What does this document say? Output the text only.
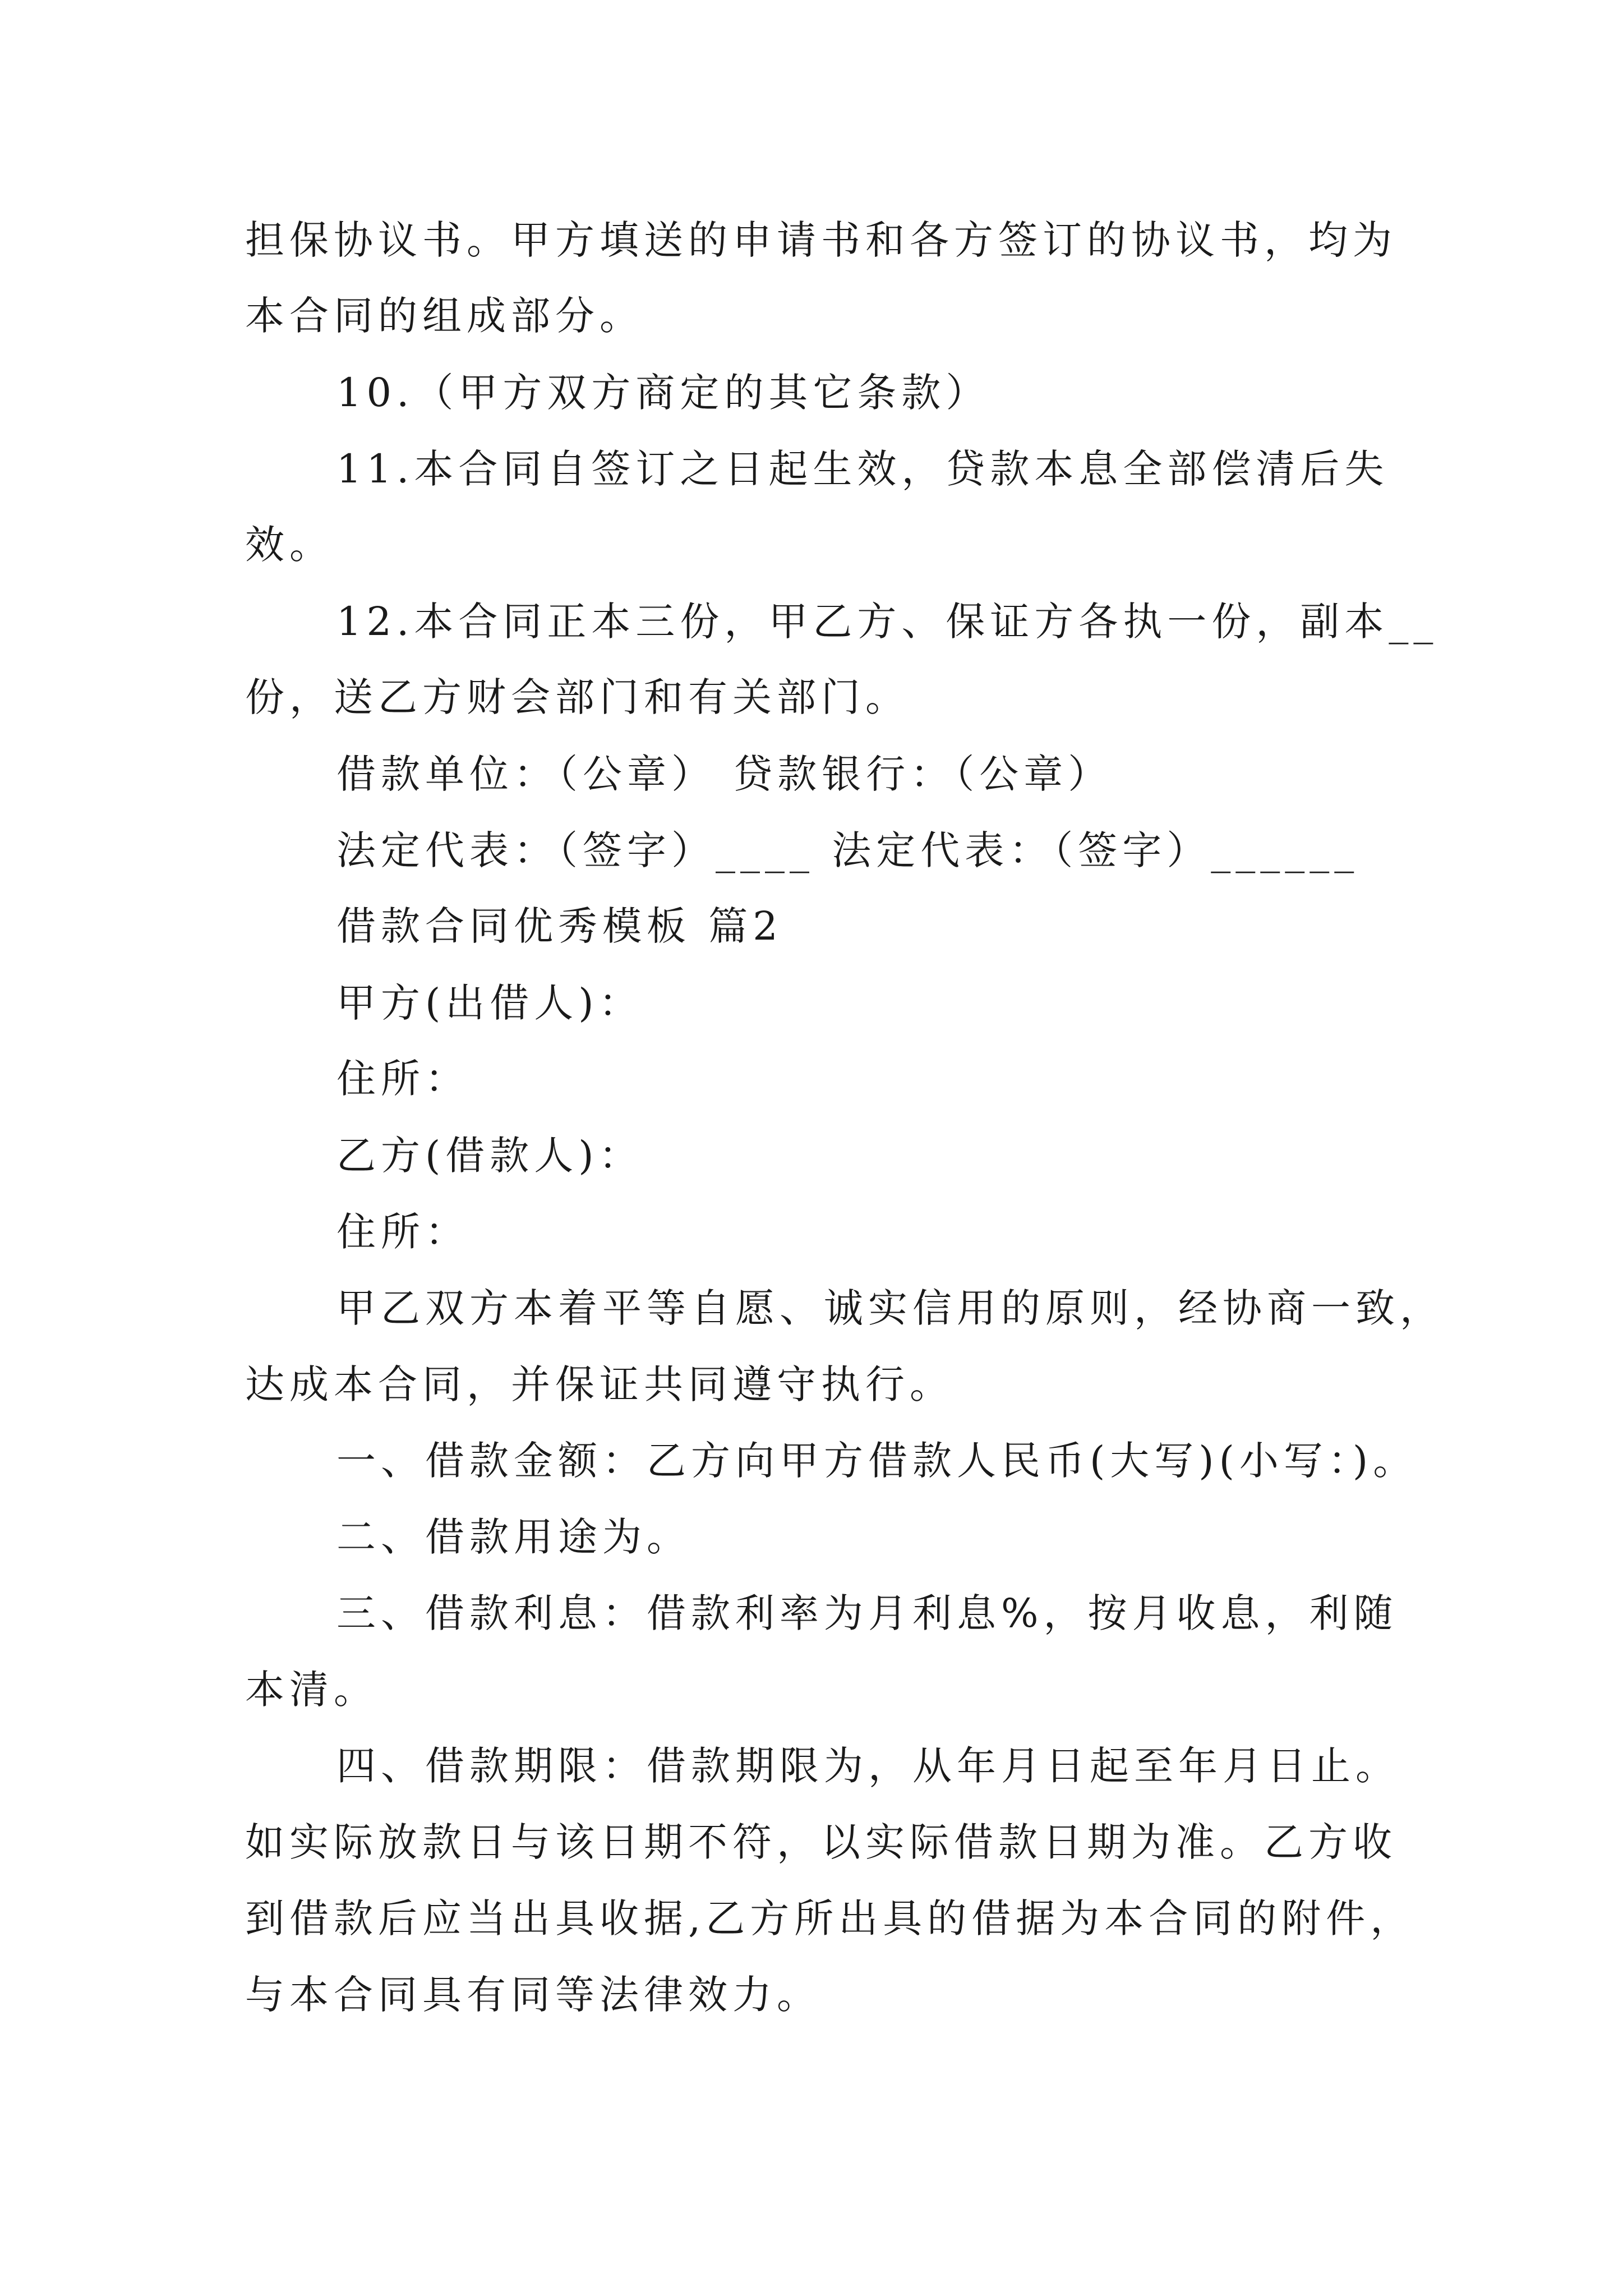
担保协议书。甲方填送的申请书和各方签订的协议书，均为
本合同的组成部分。
10.（甲方双方商定的其它条款）
11.本合同自签订之日起生效，贷款本息全部偿清后失
效。
12.本合同正本三份，甲乙方、保证方各执一份，副本__
份，送乙方财会部门和有关部门。
借款单位：（公章） 贷款银行：（公章）
法定代表：（签字）____ 法定代表：（签字）______
借款合同优秀模板 篇2
甲方(出借人)：
住所：
乙方(借款人)：
住所：
甲乙双方本着平等自愿、诚实信用的原则，经协商一致，
达成本合同，并保证共同遵守执行。
一、借款金额：乙方向甲方借款人民币(大写)(小写：)。
二、借款用途为。
三、借款利息：借款利率为月利息%，按月收息，利随
本清。
四、借款期限：借款期限为，从年月日起至年月日止。
如实际放款日与该日期不符，以实际借款日期为准。乙方收
到借款后应当出具收据,乙方所出具的借据为本合同的附件，
与本合同具有同等法律效力。
